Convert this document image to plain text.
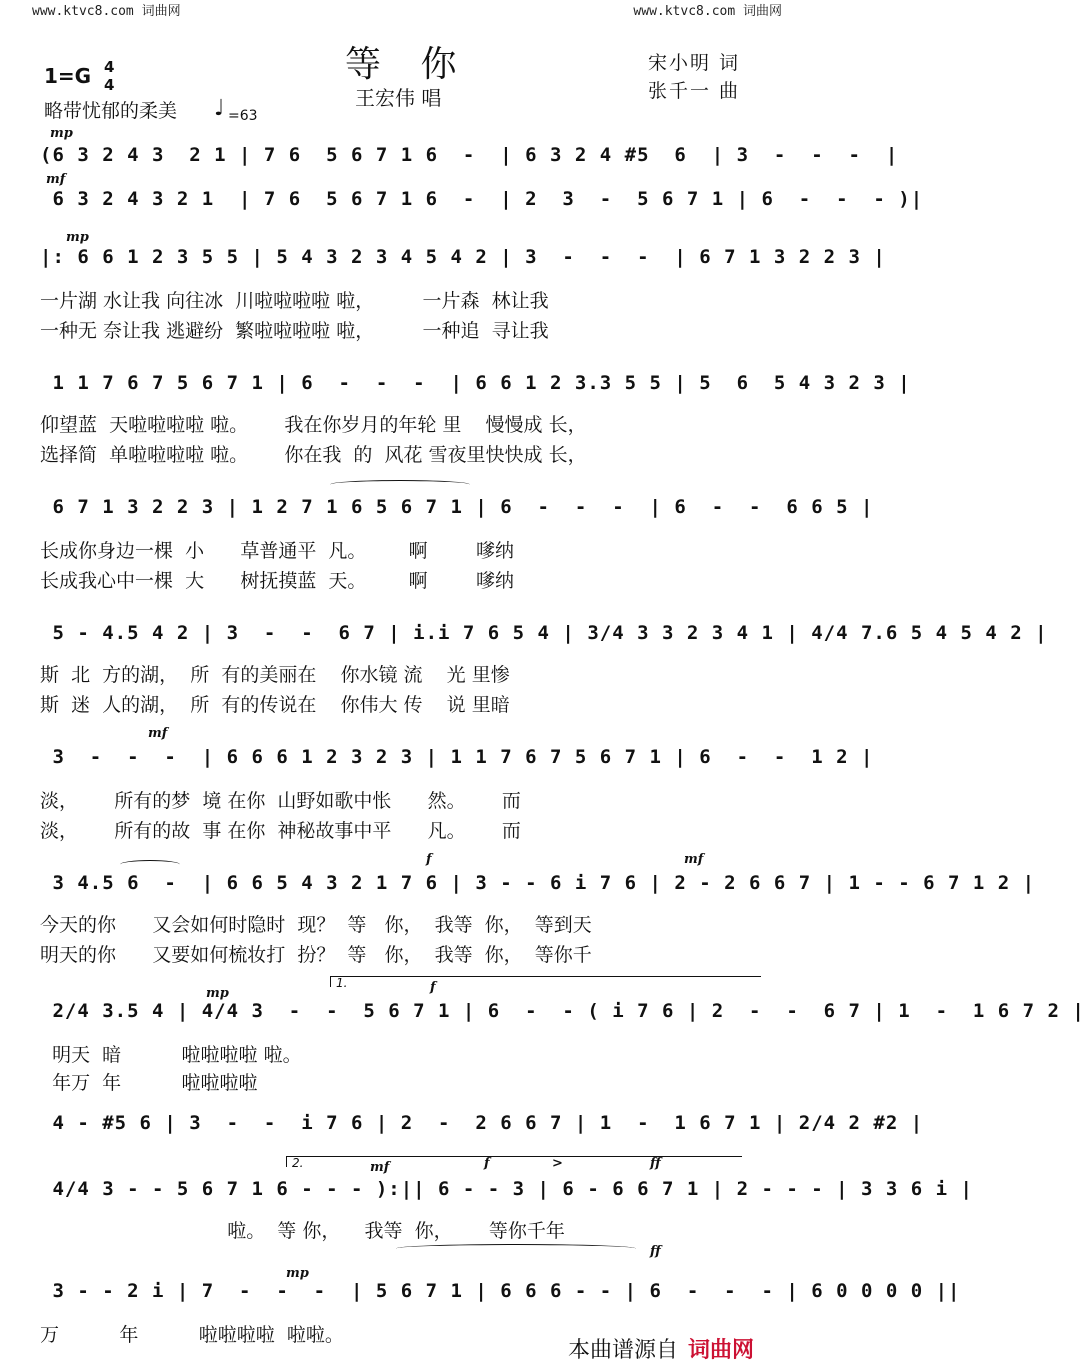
www.ktvc8.com 词曲网	www.ktvc8.com 词曲网
等 你
王宏伟 唱
宋小明 词
张千一 曲
1=G 4
4
略带忧郁的柔美 ♩ =63
mp
mf
mp
mf
f	mf
mp	f
mf	f	>	ff
mp
ff
1.
2.
(6 3 2 4 3  2 1 | 7 6  5 6 7 1 6  -  | 6 3 2 4 #5  6  | 3  -  -  -  |
6 3 2 4 3 2 1  | 7 6  5 6 7 1 6  -  | 2  3  -  5 6 7 1 | 6  -  -  - )|
|: 6 6 1 2 3 5 5 | 5 4 3 2 3 4 5 4 2 | 3  -  -  -  | 6 7 1 3 2 2 3 |
一片湖 水让我 向往冰  川啦啦啦啦 啦，        一片森  林让我
一种无 奈让我 逃避纷  繁啦啦啦啦 啦，        一种追  寻让我
1 1 7 6 7 5 6 7 1 | 6  -  -  -  | 6 6 1 2 3.3 5 5 | 5  6  5 4 3 2 3 |
仰望蓝  天啦啦啦啦 啦。      我在你岁月的年轮 里    慢慢成 长，
选择简  单啦啦啦啦 啦。      你在我  的  风花 雪夜里快快成 长，
6 7 1 3 2 2 3 | 1 2 7 1 6 5 6 7 1 | 6  -  -  -  | 6  -  -  6 6 5 |
长成你身边一棵  小      草普通平  凡。       啊        嗲纳
长成我心中一棵  大      树抚摸蓝  天。       啊        嗲纳
5 - 4.5 4 2 | 3  -  -  6 7 | i.i 7 6 5 4 | 3/4 3 3 2 3 4 1 | 4/4 7.6 5 4 5 4 2 |
斯  北  方的湖，  所  有的美丽在    你水镜 流    光 里惨
斯  迷  人的湖，  所  有的传说在    你伟大 传    说 里暗
3  -  -  -  | 6 6 6 1 2 3 2 3 | 1 1 7 6 7 5 6 7 1 | 6  -  -  1 2 |
淡，      所有的梦  境 在你  山野如歌中怅      然。      而
淡，      所有的故  事 在你  神秘故事中平      凡。      而
3 4.5 6  -  | 6 6 5 4 3 2 1 7 6 | 3 - - 6 i 7 6 | 2 - 2 6 6 7 | 1 - - 6 7 1 2 |
今天的你      又会如何时隐时  现？  等   你，  我等  你，  等到天
明天的你      又要如何梳妆打  扮？  等   你，  我等  你，  等你千
2/4 3.5 4 | 4/4 3  -  -  5 6 7 1 | 6  -  - ( i 7 6 | 2  -  -  6 7 | 1  -  1 6 7 2 |
明天  暗          啦啦啦啦 啦。
年万  年          啦啦啦啦
4 - #5 6 | 3  -  -  i 7 6 | 2  -  2 6 6 7 | 1  -  1 6 7 1 | 2/4 2 #2 |
4/4 3 - - 5 6 7 1 6 - - - ):|| 6 - - 3 | 6 - 6 6 7 1 | 2 - - - | 3 3 6 i |
啦。  等 你，    我等  你，      等你千年
3 - - 2 i | 7  -  -  -  | 5 6 7 1 | 6 6 6 - - | 6  -  -  - | 6 0 0 0 0 ||
万          年          啦啦啦啦  啦啦。
本曲谱源自 词曲网
